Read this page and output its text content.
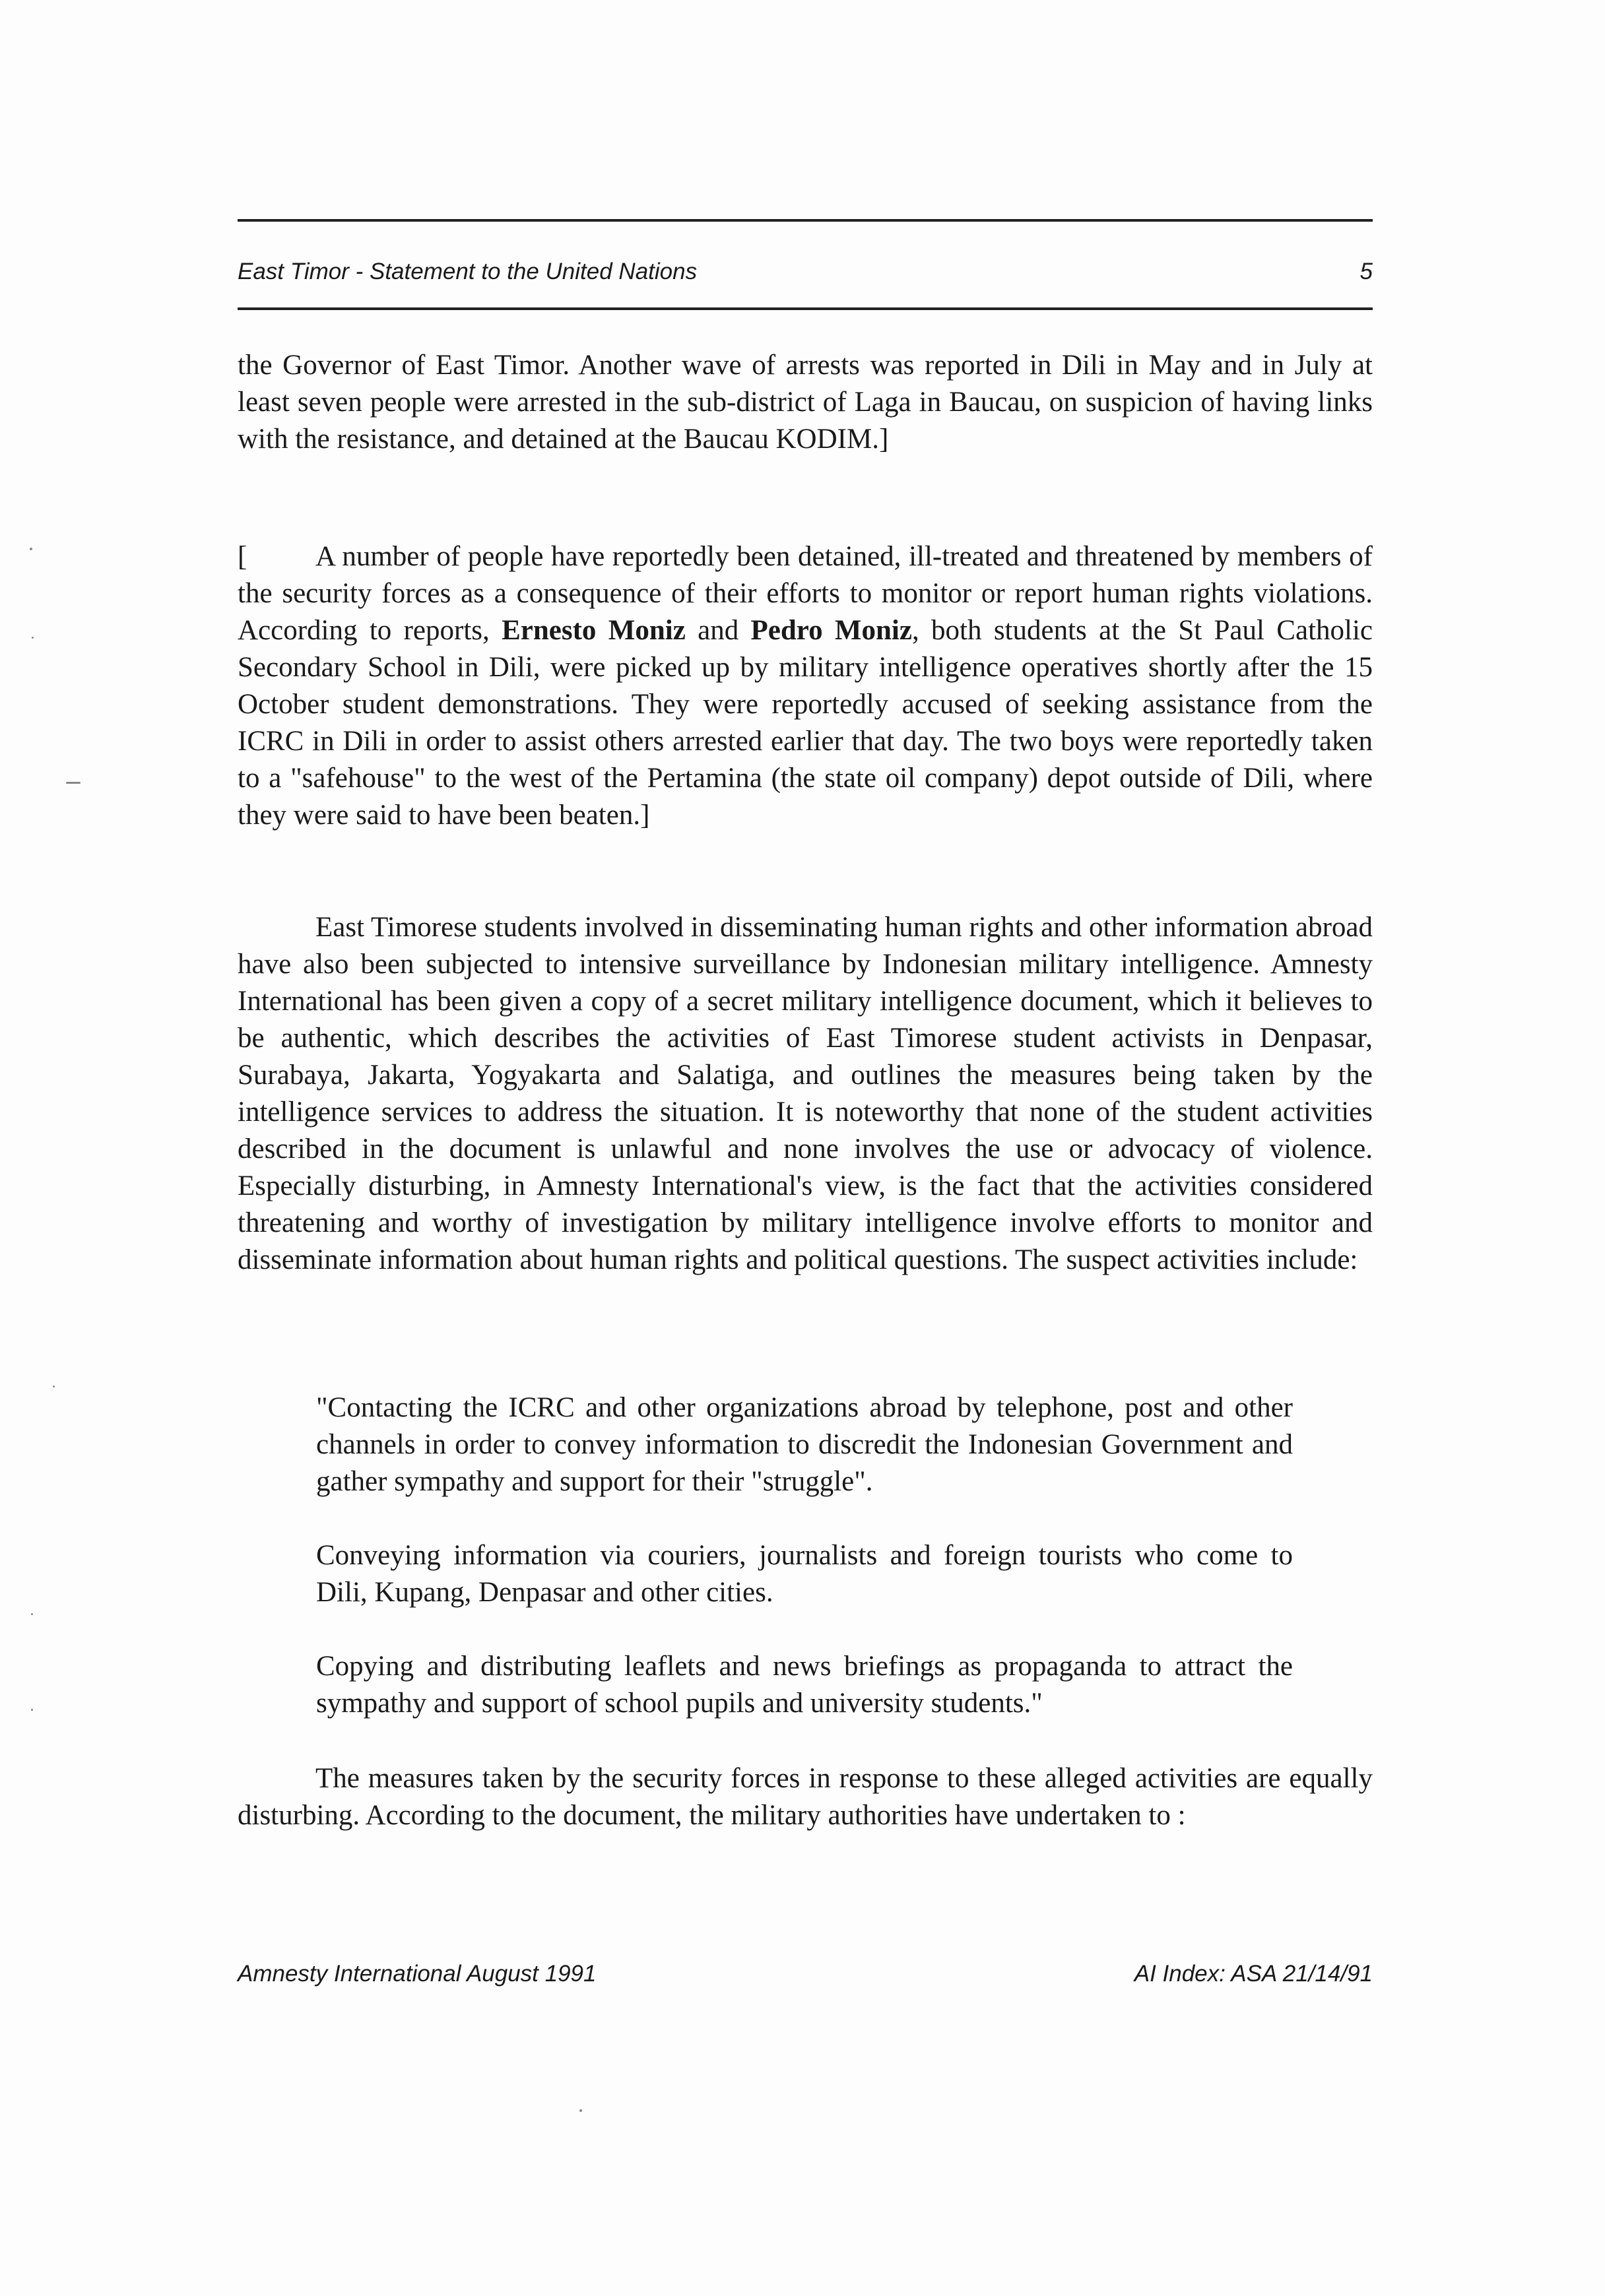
East Timor - Statement to the United Nations	5

the Governor of East Timor. Another wave of arrests was reported in Dili in May and in July at least seven people were arrested in the sub-district of Laga in Baucau, on suspicion of having links with the resistance, and detained at the Baucau KODIM.]

[ A number of people have reportedly been detained, ill-treated and threatened by members of the security forces as a consequence of their efforts to monitor or report human rights violations. According to reports, Ernesto Moniz and Pedro Moniz, both students at the St Paul Catholic Secondary School in Dili, were picked up by military intelligence operatives shortly after the 15 October student demonstrations. They were reportedly accused of seeking assistance from the ICRC in Dili in order to assist others arrested earlier that day. The two boys were reportedly taken to a "safehouse" to the west of the Pertamina (the state oil company) depot outside of Dili, where they were said to have been beaten.]

East Timorese students involved in disseminating human rights and other information abroad have also been subjected to intensive surveillance by Indonesian military intelligence. Amnesty International has been given a copy of a secret military intelligence document, which it believes to be authentic, which describes the activities of East Timorese student activists in Denpasar, Surabaya, Jakarta, Yogyakarta and Salatiga, and outlines the measures being taken by the intelligence services to address the situation. It is noteworthy that none of the student activities described in the document is unlawful and none involves the use or advocacy of violence. Especially disturbing, in Amnesty International's view, is the fact that the activities considered threatening and worthy of investigation by military intelligence involve efforts to monitor and disseminate information about human rights and political questions. The suspect activities include:

"Contacting the ICRC and other organizations abroad by telephone, post and other channels in order to convey information to discredit the Indonesian Government and gather sympathy and support for their "struggle".

Conveying information via couriers, journalists and foreign tourists who come to Dili, Kupang, Denpasar and other cities.

Copying and distributing leaflets and news briefings as propaganda to attract the sympathy and support of school pupils and university students."

The measures taken by the security forces in response to these alleged activities are equally disturbing. According to the document, the military authorities have undertaken to :

Amnesty International August 1991	AI Index: ASA 21/14/91
